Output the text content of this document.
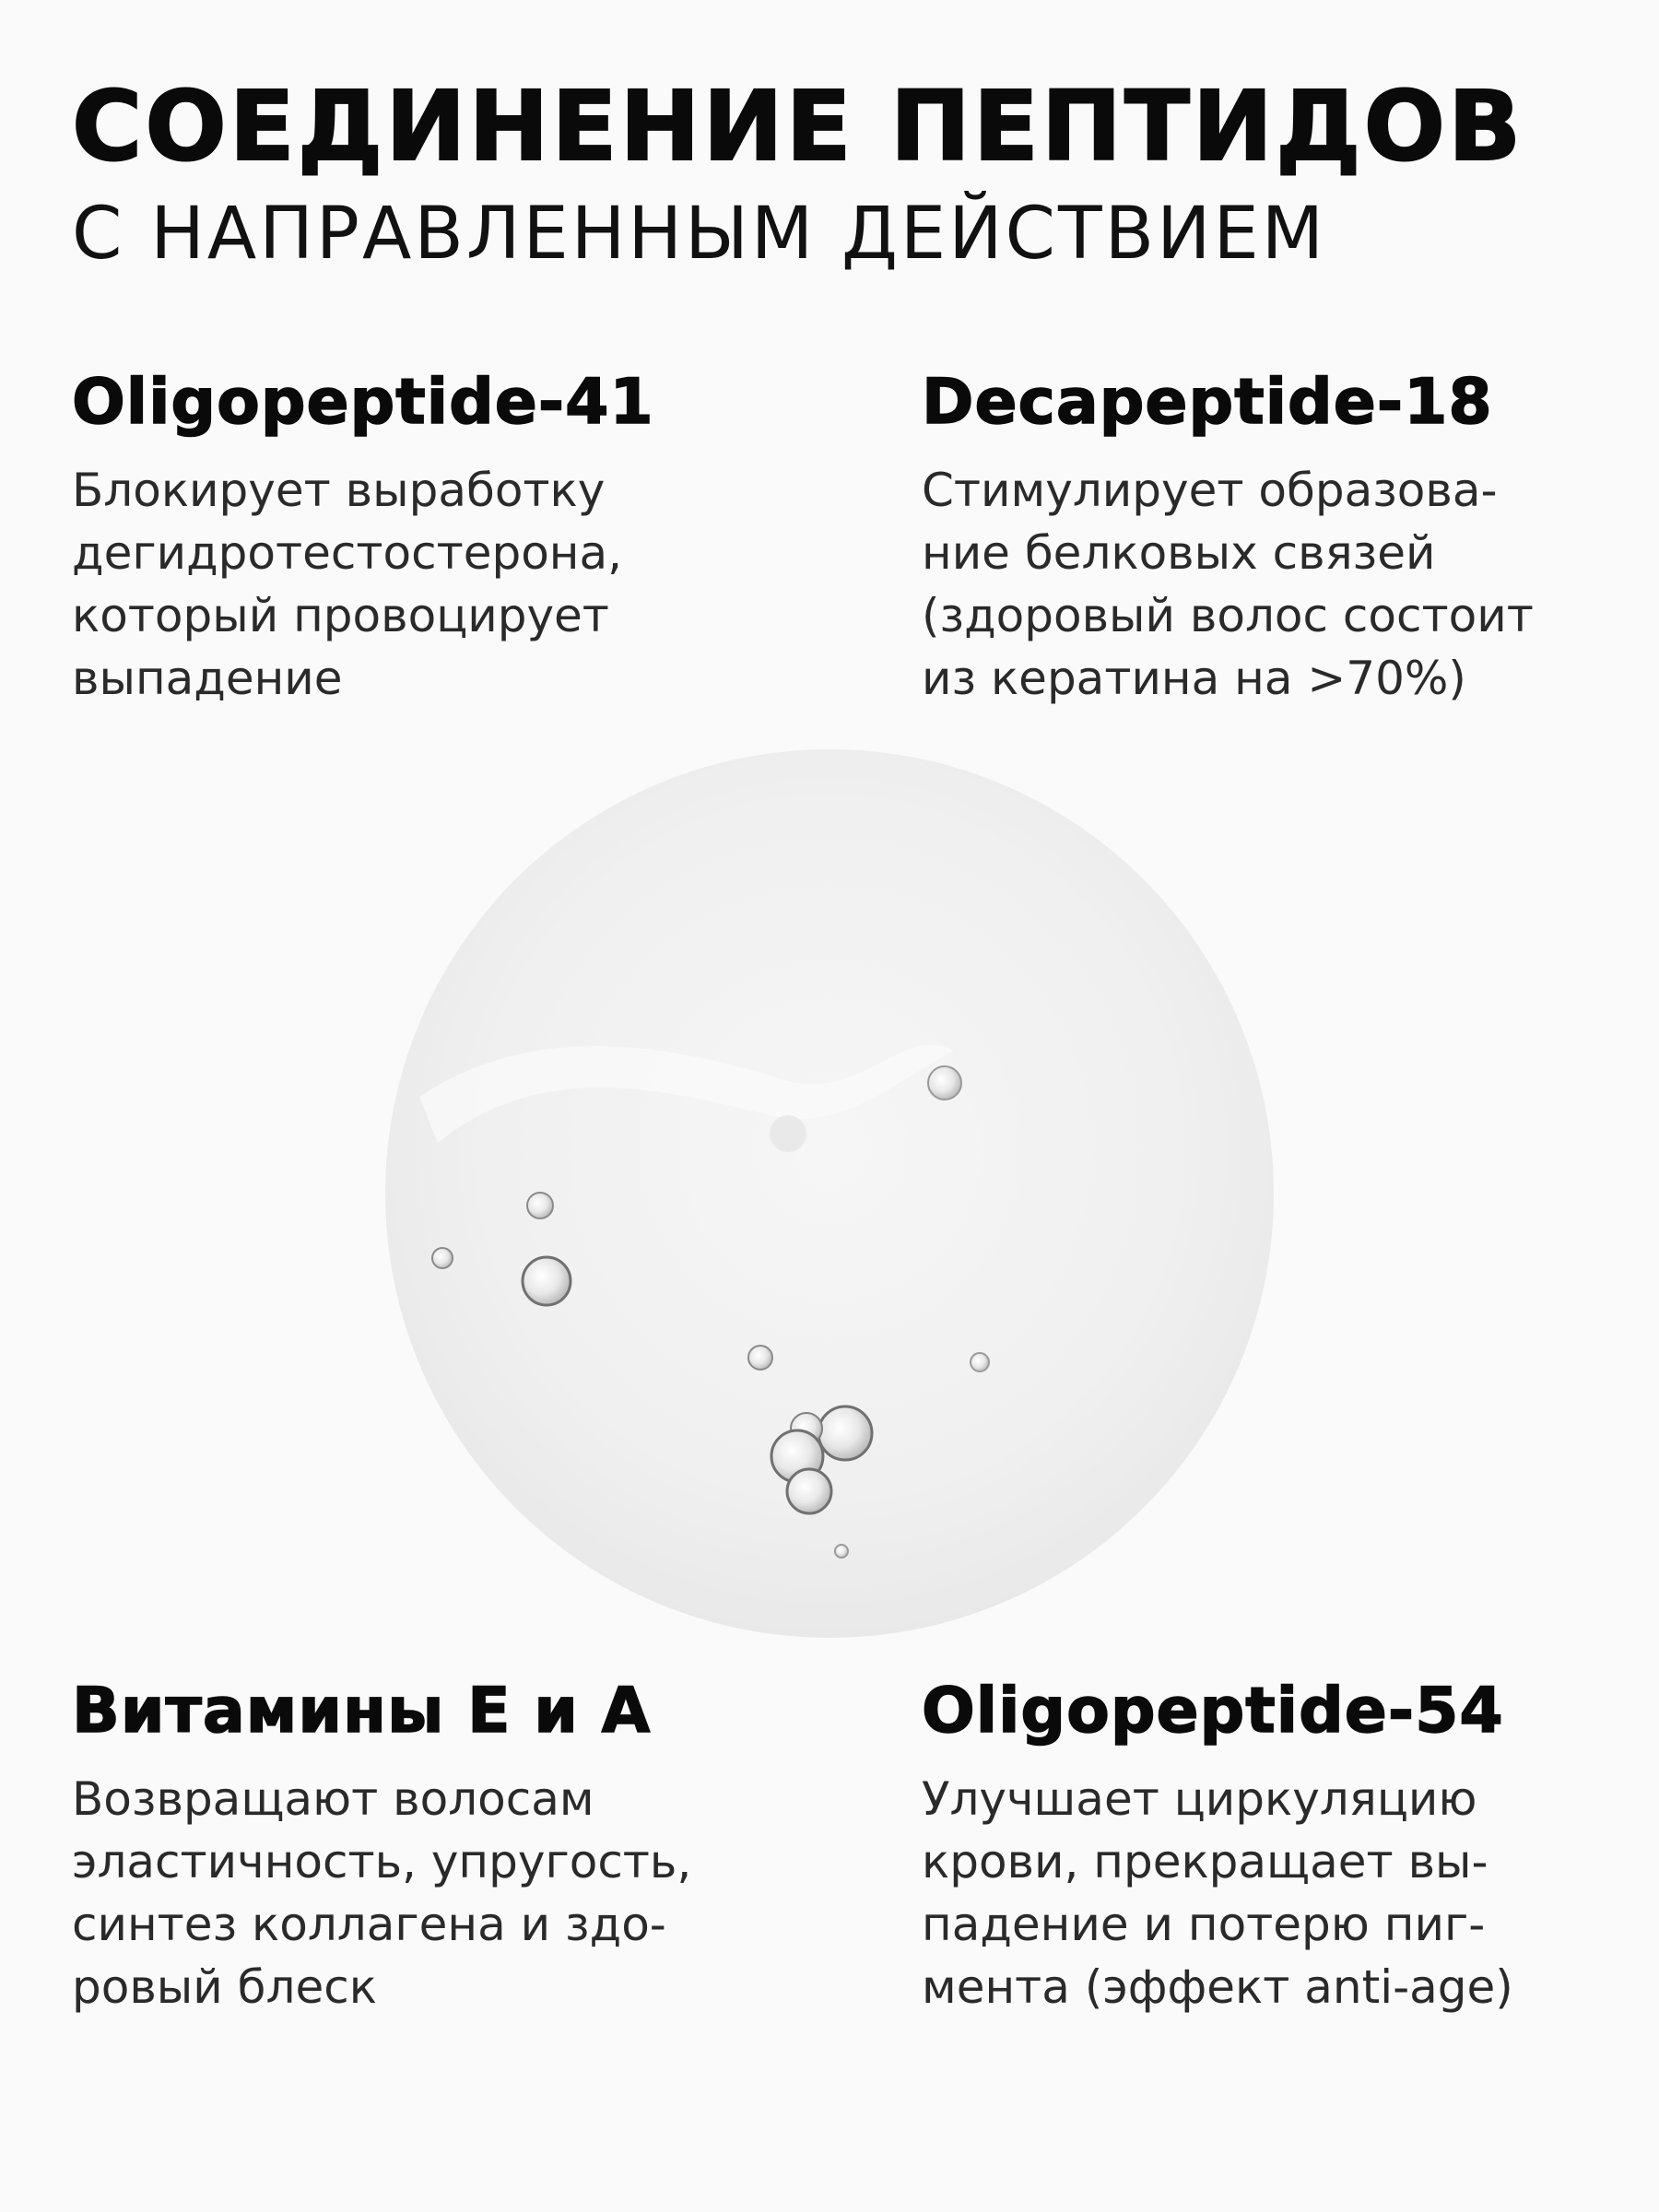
СОЕДИНЕНИЕ ПЕПТИДОВ
С НАПРАВЛЕННЫМ ДЕЙСТВИЕМ
Oligopeptide-41
Блокирует выработку
дегидротестостерона,
который провоцирует
выпадение
Decapeptide-18
Стимулирует образова-
ние белковых связей
(здоровый волос состоит
из кератина на >70%)
Витамины Е и А
Возвращают волосам
эластичность, упругость,
синтез коллагена и здо-
ровый блеск
Oligopeptide-54
Улучшает циркуляцию
крови, прекращает вы-
падение и потерю пиг-
мента (эффект anti-age)
